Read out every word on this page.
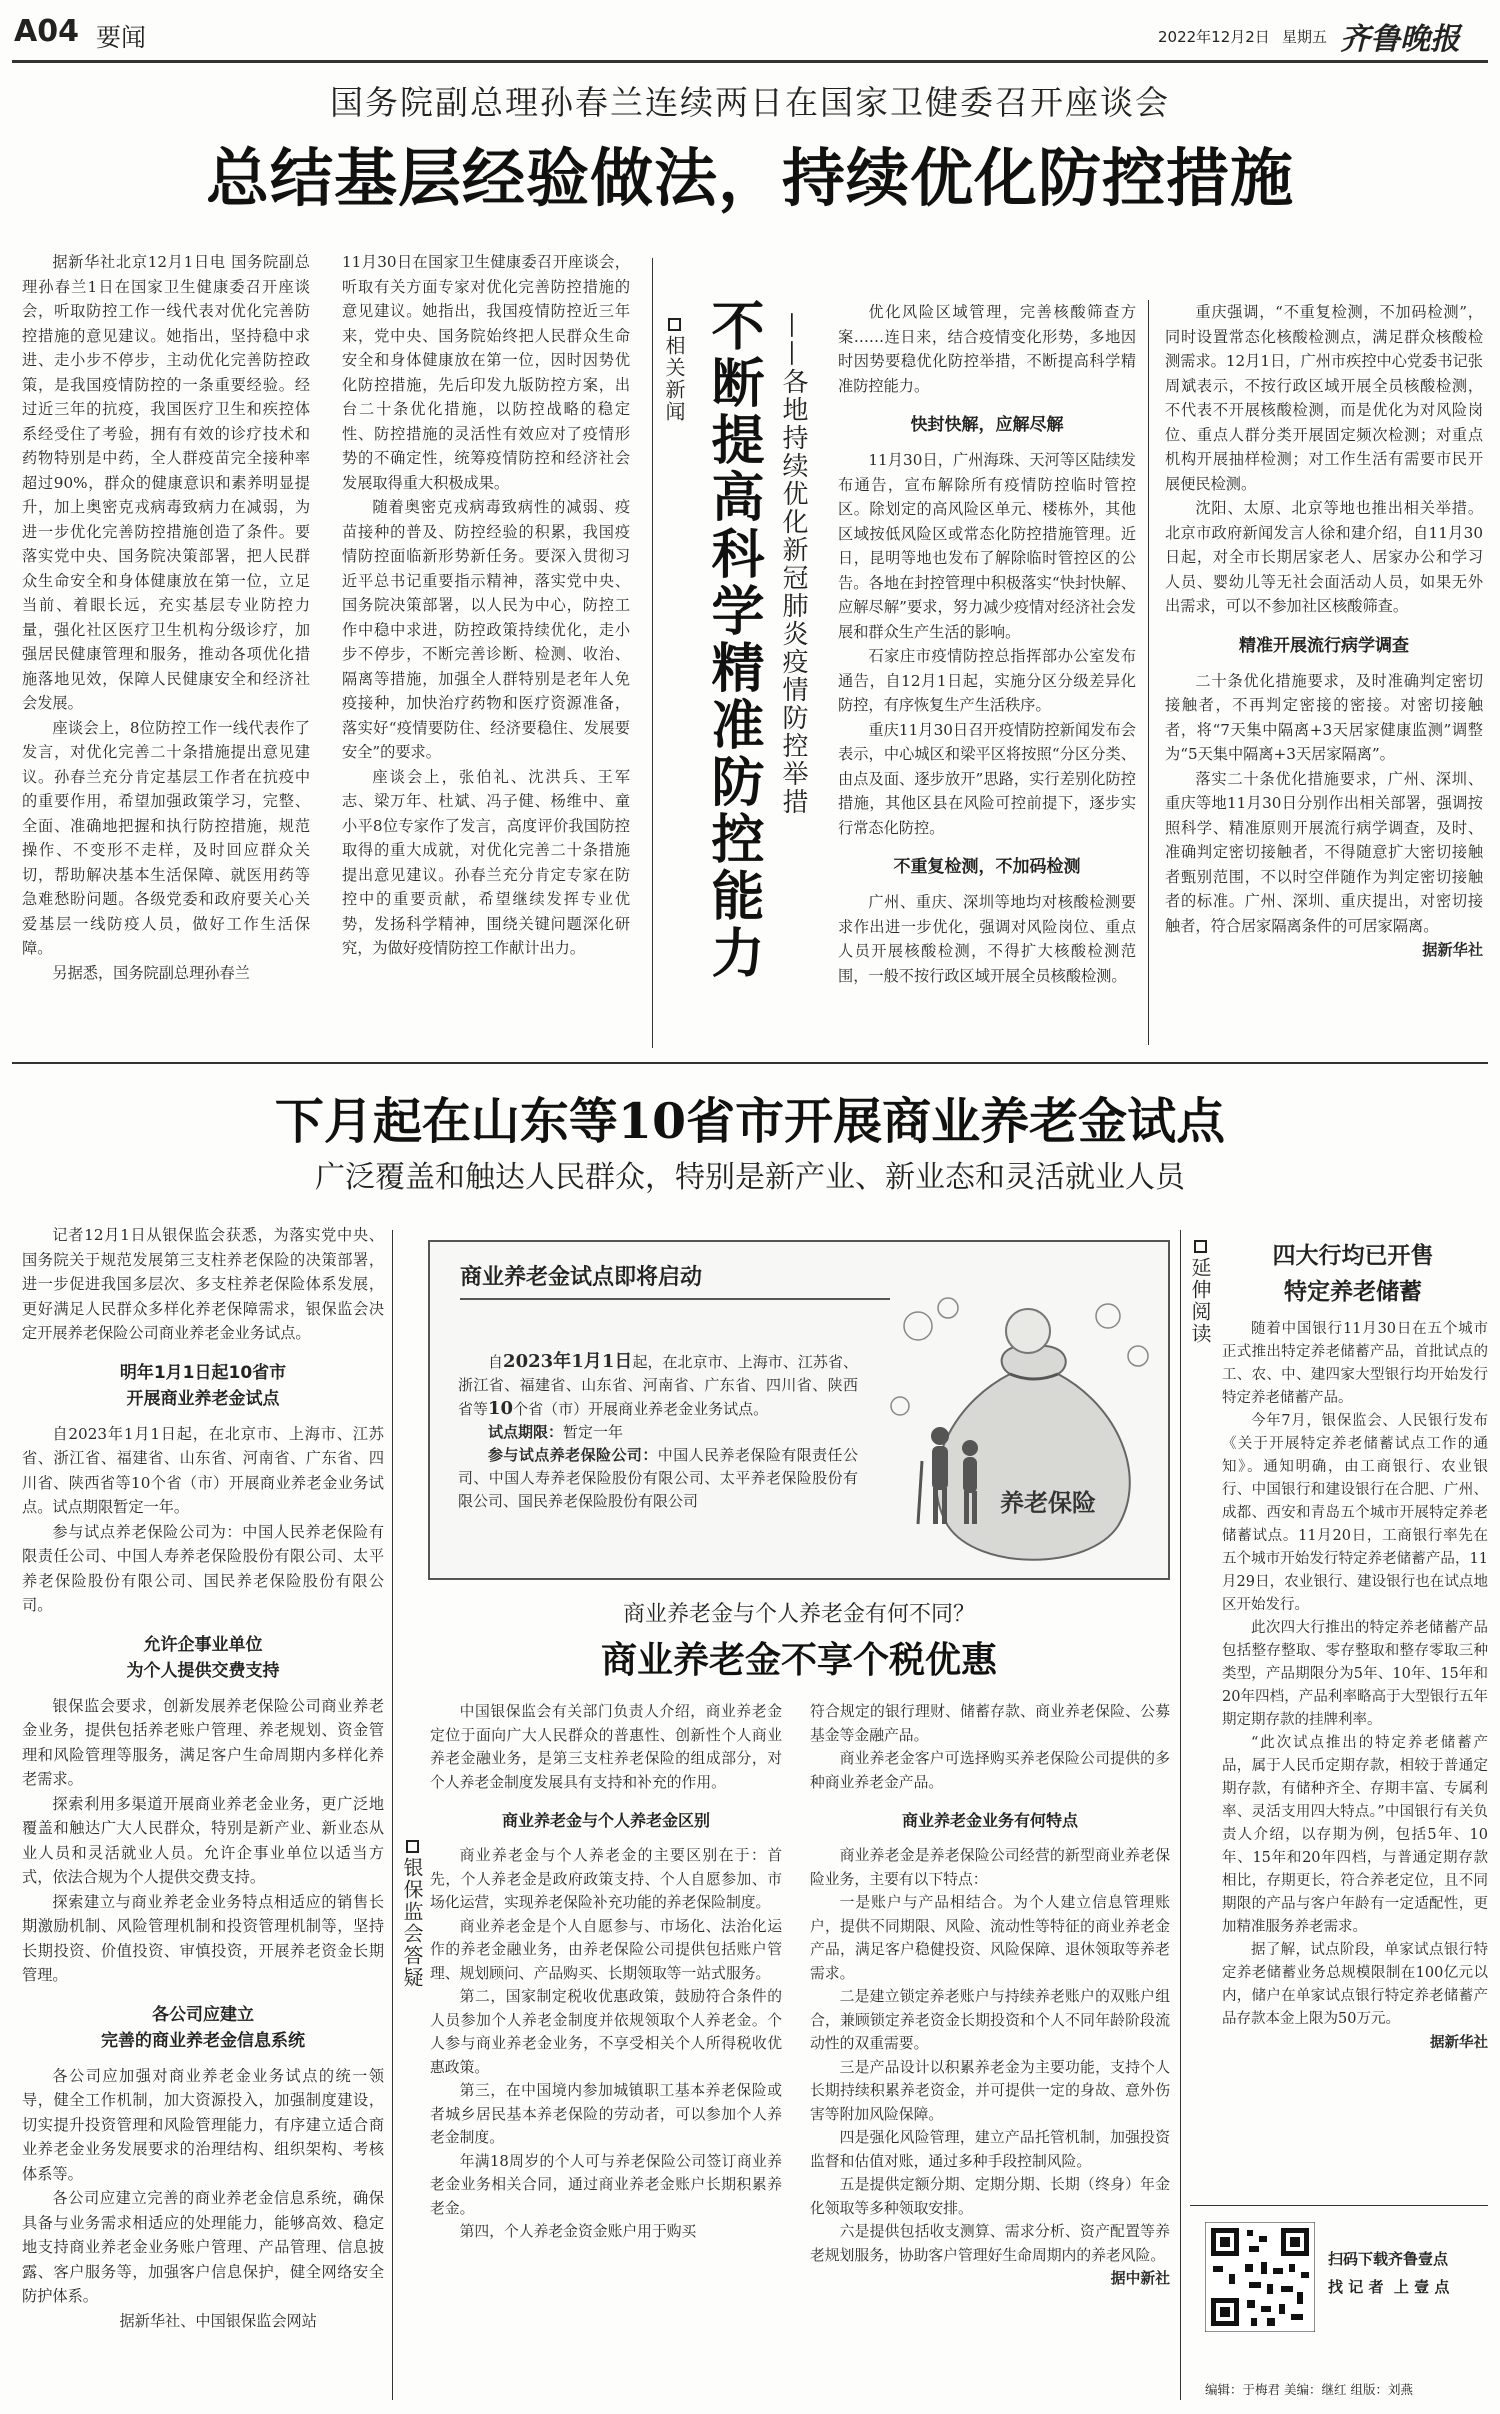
A04 要闻	2022年12月2日 星期五 齐鲁晚报
国务院副总理孙春兰连续两日在国家卫健委召开座谈会
总结基层经验做法，持续优化防控措施

据新华社北京12月1日电 国务院副总理孙春兰1日在国家卫生健康委召开座谈会，听取防控工作一线代表对优化完善防控措施的意见建议。她指出，坚持稳中求进、走小步不停步，主动优化完善防控政策，是我国疫情防控的一条重要经验。经过近三年的抗疫，我国医疗卫生和疾控体系经受住了考验，拥有有效的诊疗技术和药物特别是中药，全人群疫苗完全接种率超过90%，群众的健康意识和素养明显提升，加上奥密克戎病毒致病力在减弱，为进一步优化完善防控措施创造了条件。要落实党中央、国务院决策部署，把人民群众生命安全和身体健康放在第一位，立足当前、着眼长远，充实基层专业防控力量，强化社区医疗卫生机构分级诊疗，加强居民健康管理和服务，推动各项优化措施落地见效，保障人民健康安全和经济社会发展。

座谈会上，8位防控工作一线代表作了发言，对优化完善二十条措施提出意见建议。孙春兰充分肯定基层工作者在抗疫中的重要作用，希望加强政策学习，完整、全面、准确地把握和执行防控措施，规范操作、不变形不走样，及时回应群众关切，帮助解决基本生活保障、就医用药等急难愁盼问题。各级党委和政府要关心关爱基层一线防疫人员，做好工作生活保障。

另据悉，国务院副总理孙春兰

11月30日在国家卫生健康委召开座谈会，听取有关方面专家对优化完善防控措施的意见建议。她指出，我国疫情防控近三年来，党中央、国务院始终把人民群众生命安全和身体健康放在第一位，因时因势优化防控措施，先后印发九版防控方案，出台二十条优化措施，以防控战略的稳定性、防控措施的灵活性有效应对了疫情形势的不确定性，统筹疫情防控和经济社会发展取得重大积极成果。

随着奥密克戎病毒致病性的减弱、疫苗接种的普及、防控经验的积累，我国疫情防控面临新形势新任务。要深入贯彻习近平总书记重要指示精神，落实党中央、国务院决策部署，以人民为中心，防控工作中稳中求进，防控政策持续优化，走小步不停步，不断完善诊断、检测、收治、隔离等措施，加强全人群特别是老年人免疫接种，加快治疗药物和医疗资源准备，落实好“疫情要防住、经济要稳住、发展要安全”的要求。

座谈会上，张伯礼、沈洪兵、王军志、梁万年、杜斌、冯子健、杨维中、童小平8位专家作了发言，高度评价我国防控取得的重大成就，对优化完善二十条措施提出意见建议。孙春兰充分肯定专家在防控中的重要贡献，希望继续发挥专业优势，发扬科学精神，围绕关键问题深化研究，为做好疫情防控工作献计出力。

相关新闻 不断提高科学精准防控能力 ——各地持续优化新冠肺炎疫情防控举措	优化风险区域管理，完善核酸筛查方案……连日来，结合疫情变化形势，多地因时因势要稳优化防控举措，不断提高科学精准防控能力。

快封快解，应解尽解

11月30日，广州海珠、天河等区陆续发布通告，宣布解除所有疫情防控临时管控区。除划定的高风险区单元、楼栋外，其他区域按低风险区或常态化防控措施管理。近日，昆明等地也发布了解除临时管控区的公告。各地在封控管理中积极落实“快封快解、应解尽解”要求，努力减少疫情对经济社会发展和群众生产生活的影响。

石家庄市疫情防控总指挥部办公室发布通告，自12月1日起，实施分区分级差异化防控，有序恢复生产生活秩序。

重庆11月30日召开疫情防控新闻发布会表示，中心城区和梁平区将按照“分区分类、由点及面、逐步放开”思路，实行差别化防控措施，其他区县在风险可控前提下，逐步实行常态化防控。

不重复检测，不加码检测

广州、重庆、深圳等地均对核酸检测要求作出进一步优化，强调对风险岗位、重点人员开展核酸检测，不得扩大核酸检测范围，一般不按行政区域开展全员核酸检测。

重庆强调，“不重复检测，不加码检测”，同时设置常态化核酸检测点，满足群众核酸检测需求。12月1日，广州市疾控中心党委书记张周斌表示，不按行政区域开展全员核酸检测，不代表不开展核酸检测，而是优化为对风险岗位、重点人群分类开展固定频次检测；对重点机构开展抽样检测；对工作生活有需要市民开展便民检测。

沈阳、太原、北京等地也推出相关举措。北京市政府新闻发言人徐和建介绍，自11月30日起，对全市长期居家老人、居家办公和学习人员、婴幼儿等无社会面活动人员，如果无外出需求，可以不参加社区核酸筛查。

精准开展流行病学调查

二十条优化措施要求，及时准确判定密切接触者，不再判定密接的密接。对密切接触者，将“7天集中隔离+3天居家健康监测”调整为“5天集中隔离+3天居家隔离”。

落实二十条优化措施要求，广州、深圳、重庆等地11月30日分别作出相关部署，强调按照科学、精准原则开展流行病学调查，及时、准确判定密切接触者，不得随意扩大密切接触者甄别范围，不以时空伴随作为判定密切接触者的标准。广州、深圳、重庆提出，对密切接触者，符合居家隔离条件的可居家隔离。

据新华社

下月起在山东等10省市开展商业养老金试点
广泛覆盖和触达人民群众，特别是新产业、新业态和灵活就业人员

记者12月1日从银保监会获悉，为落实党中央、国务院关于规范发展第三支柱养老保险的决策部署，进一步促进我国多层次、多支柱养老保险体系发展，更好满足人民群众多样化养老保障需求，银保监会决定开展养老保险公司商业养老金业务试点。

明年1月1日起10省市
开展商业养老金试点

自2023年1月1日起，在北京市、上海市、江苏省、浙江省、福建省、山东省、河南省、广东省、四川省、陕西省等10个省（市）开展商业养老金业务试点。试点期限暂定一年。

参与试点养老保险公司为：中国人民养老保险有限责任公司、中国人寿养老保险股份有限公司、太平养老保险股份有限公司、国民养老保险股份有限公司。

允许企事业单位
为个人提供交费支持

银保监会要求，创新发展养老保险公司商业养老金业务，提供包括养老账户管理、养老规划、资金管理和风险管理等服务，满足客户生命周期内多样化养老需求。

探索利用多渠道开展商业养老金业务，更广泛地覆盖和触达广大人民群众，特别是新产业、新业态从业人员和灵活就业人员。允许企事业单位以适当方式，依法合规为个人提供交费支持。

探索建立与商业养老金业务特点相适应的销售长期激励机制、风险管理机制和投资管理机制等，坚持长期投资、价值投资、审慎投资，开展养老资金长期管理。

各公司应建立
完善的商业养老金信息系统

各公司应加强对商业养老金业务试点的统一领导，健全工作机制，加大资源投入，加强制度建设，切实提升投资管理和风险管理能力，有序建立适合商业养老金业务发展要求的治理结构、组织架构、考核体系等。

各公司应建立完善的商业养老金信息系统，确保具备与业务需求相适应的处理能力，能够高效、稳定地支持商业养老金业务账户管理、产品管理、信息披露、客户服务等，加强客户信息保护，健全网络安全防护体系。

据新华社、中国银保监会网站

银保监会答疑
商业养老金试点即将启动

自2023年1月1日起，在北京市、上海市、江苏省、浙江省、福建省、山东省、河南省、广东省、四川省、陕西省等10个省（市）开展商业养老金业务试点。

试点期限：暂定一年

参与试点养老保险公司：中国人民养老保险有限责任公司、中国人寿养老保险股份有限公司、太平养老保险股份有限公司、国民养老保险股份有限公司	养老保险
商业养老金与个人养老金有何不同？
商业养老金不享个税优惠

中国银保监会有关部门负责人介绍，商业养老金定位于面向广大人民群众的普惠性、创新性个人商业养老金融业务，是第三支柱养老保险的组成部分，对个人养老金制度发展具有支持和补充的作用。

商业养老金与个人养老金区别

商业养老金与个人养老金的主要区别在于：首先，个人养老金是政府政策支持、个人自愿参加、市场化运营，实现养老保险补充功能的养老保险制度。

商业养老金是个人自愿参与、市场化、法治化运作的养老金融业务，由养老保险公司提供包括账户管理、规划顾问、产品购买、长期领取等一站式服务。

第二，国家制定税收优惠政策，鼓励符合条件的人员参加个人养老金制度并依规领取个人养老金。个人参与商业养老金业务，不享受相关个人所得税收优惠政策。

第三，在中国境内参加城镇职工基本养老保险或者城乡居民基本养老保险的劳动者，可以参加个人养老金制度。

年满18周岁的个人可与养老保险公司签订商业养老金业务相关合同，通过商业养老金账户长期积累养老金。

第四，个人养老金资金账户用于购买

符合规定的银行理财、储蓄存款、商业养老保险、公募基金等金融产品。

商业养老金客户可选择购买养老保险公司提供的多种商业养老金产品。

商业养老金业务有何特点

商业养老金是养老保险公司经营的新型商业养老保险业务，主要有以下特点：

一是账户与产品相结合。为个人建立信息管理账户，提供不同期限、风险、流动性等特征的商业养老金产品，满足客户稳健投资、风险保障、退休领取等养老需求。

二是建立锁定养老账户与持续养老账户的双账户组合，兼顾锁定养老资金长期投资和个人不同年龄阶段流动性的双重需要。

三是产品设计以积累养老金为主要功能，支持个人长期持续积累养老资金，并可提供一定的身故、意外伤害等附加风险保障。

四是强化风险管理，建立产品托管机制，加强投资监督和估值对账，通过多种手段控制风险。

五是提供定额分期、定期分期、长期（终身）年金化领取等多种领取安排。

六是提供包括收支测算、需求分析、资产配置等养老规划服务，协助客户管理好生命周期内的养老风险。

据中新社

延伸阅读
四大行均已开售
特定养老储蓄

随着中国银行11月30日在五个城市正式推出特定养老储蓄产品，首批试点的工、农、中、建四家大型银行均开始发行特定养老储蓄产品。

今年7月，银保监会、人民银行发布《关于开展特定养老储蓄试点工作的通知》。通知明确，由工商银行、农业银行、中国银行和建设银行在合肥、广州、成都、西安和青岛五个城市开展特定养老储蓄试点。11月20日，工商银行率先在五个城市开始发行特定养老储蓄产品，11月29日，农业银行、建设银行也在试点地区开始发行。

此次四大行推出的特定养老储蓄产品包括整存整取、零存整取和整存零取三种类型，产品期限分为5年、10年、15年和20年四档，产品利率略高于大型银行五年期定期存款的挂牌利率。

“此次试点推出的特定养老储蓄产品，属于人民币定期存款，相较于普通定期存款，有储种齐全、存期丰富、专属利率、灵活支用四大特点。”中国银行有关负责人介绍，以存期为例，包括5年、10年、15年和20年四档，与普通定期存款相比，存期更长，符合养老定位，且不同期限的产品与客户年龄有一定适配性，更加精准服务养老需求。

据了解，试点阶段，单家试点银行特定养老储蓄业务总规模限制在100亿元以内，储户在单家试点银行特定养老储蓄产品存款本金上限为50万元。

据新华社

扫码下载齐鲁壹点
找 记 者  上 壹 点
编辑：于梅君 美编：继红 组版：刘燕
